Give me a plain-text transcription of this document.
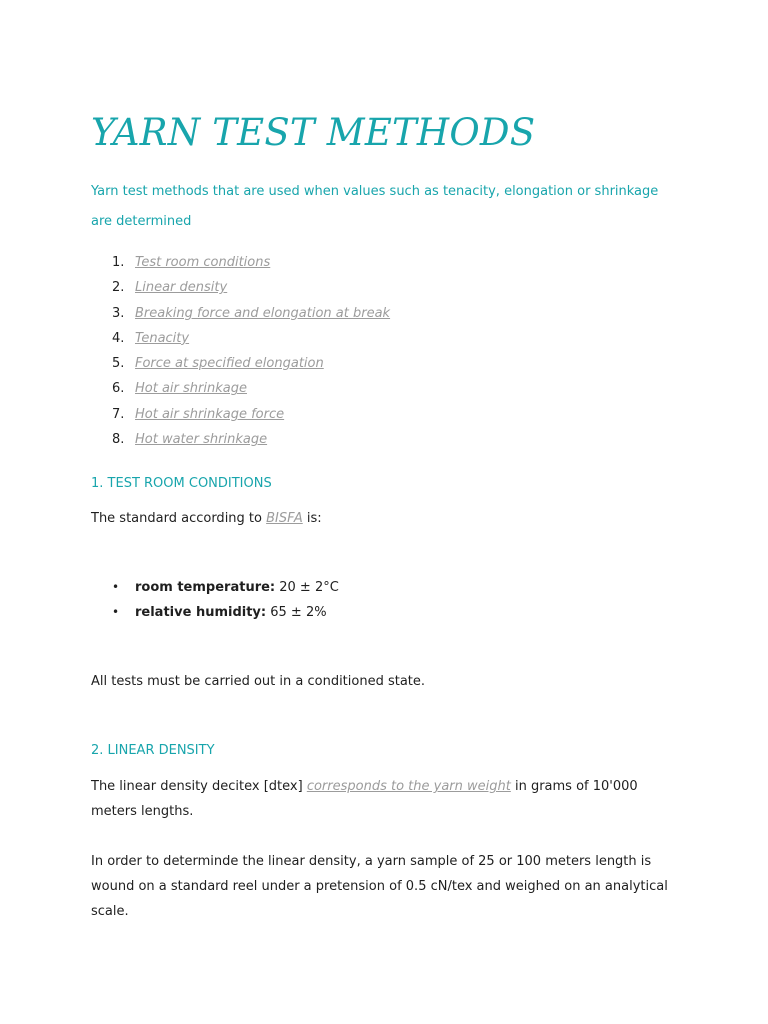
YARN TEST METHODS

Yarn test methods that are used when values such as tenacity, elongation or shrinkage are determined

1. Test room conditions
2. Linear density
3. Breaking force and elongation at break
4. Tenacity
5. Force at specified elongation
6. Hot air shrinkage
7. Hot air shrinkage force
8. Hot water shrinkage
1. TEST ROOM CONDITIONS

The standard according to BISFA is:

• room temperature: 20 ± 2°C
• relative humidity: 65 ± 2%

All tests must be carried out in a conditioned state.

2. LINEAR DENSITY

The linear density decitex [dtex] corresponds to the yarn weight in grams of 10'000 meters lengths.

In order to determinde the linear density, a yarn sample of 25 or 100 meters length is wound on a standard reel under a pretension of 0.5 cN/tex and weighed on an analytical scale.
